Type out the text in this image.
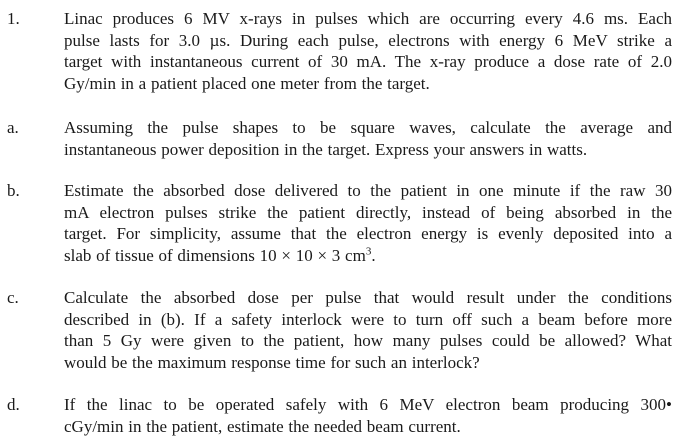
1.	Linac produces 6 MV x-rays in pulses which are occurring every 4.6 ms. Each

pulse lasts for 3.0 µs. During each pulse, electrons with energy 6 MeV strike a

target with instantaneous current of 30 mA. The x-ray produce a dose rate of 2.0

Gy/min in a patient placed one meter from the target.

a.	Assuming the pulse shapes to be square waves, calculate the average and

instantaneous power deposition in the target. Express your answers in watts.

b.	Estimate the absorbed dose delivered to the patient in one minute if the raw 30

mA electron pulses strike the patient directly, instead of being absorbed in the

target. For simplicity, assume that the electron energy is evenly deposited into a

slab of tissue of dimensions 10 × 10 × 3 $cm^3$.

c.	Calculate the absorbed dose per pulse that would result under the conditions

described in (b). If a safety interlock were to turn off such a beam before more

than 5 Gy were given to the patient, how many pulses could be allowed? What

would be the maximum response time for such an interlock?

d.	If the linac to be operated safely with 6 MeV electron beam producing 300•

cGy/min in the patient, estimate the needed beam current.
